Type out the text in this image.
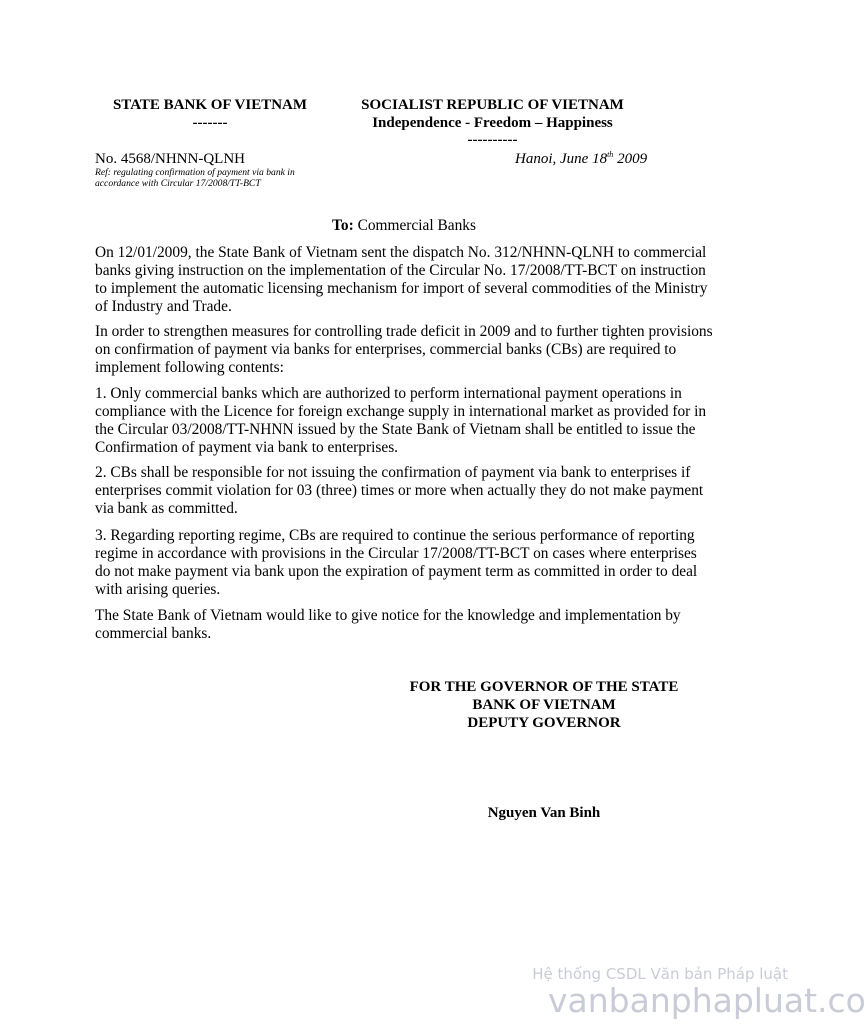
STATE BANK OF VIETNAM
-------
SOCIALIST REPUBLIC OF VIETNAM
Independence - Freedom – Happiness
----------
No. 4568/NHNN-QLNH
Ref: regulating confirmation of payment via bank in
accordance with Circular 17/2008/TT-BCT
Hanoi, June 18th 2009
To: Commercial Banks

On 12/01/2009, the State Bank of Vietnam sent the dispatch No. 312/NHNN-QLNH to commercial banks giving instruction on the implementation of the Circular No. 17/2008/TT-BCT on instruction to implement the automatic licensing mechanism for import of several commodities of the Ministry of Industry and Trade.

In order to strengthen measures for controlling trade deficit in 2009 and to further tighten provisions on confirmation of payment via banks for enterprises, commercial banks (CBs) are required to implement following contents:

1. Only commercial banks which are authorized to perform international payment operations in compliance with the Licence for foreign exchange supply in international market as provided for in the Circular 03/2008/TT-NHNN issued by the State Bank of Vietnam shall be entitled to issue the Confirmation of payment via bank to enterprises.

2. CBs shall be responsible for not issuing the confirmation of payment via bank to enterprises if enterprises commit violation for 03 (three) times or more when actually they do not make payment via bank as committed.

3. Regarding reporting regime, CBs are required to continue the serious performance of reporting regime in accordance with provisions in the Circular 17/2008/TT-BCT on cases where enterprises do not make payment via bank upon the expiration of payment term as committed in order to deal with arising queries.

The State Bank of Vietnam would like to give notice for the knowledge and implementation by commercial banks.

FOR THE GOVERNOR OF THE STATE
BANK OF VIETNAM
DEPUTY GOVERNOR
Nguyen Van Binh
Hệ thống CSDL Văn bản Pháp luật
vanbanphapluat.co
